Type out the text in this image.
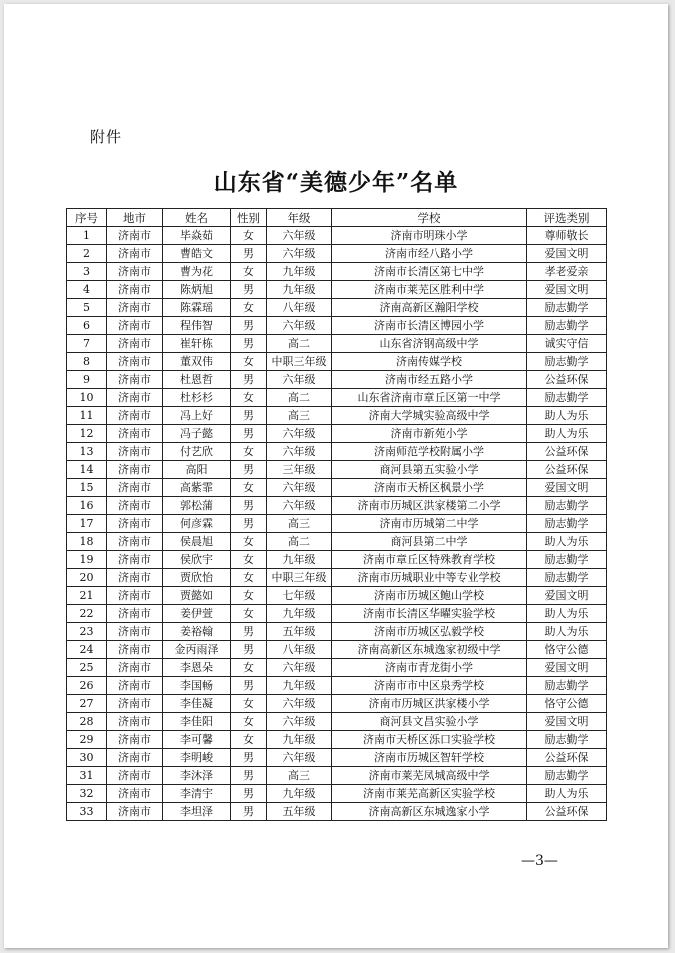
附件
山东省“美德少年”名单
序号	地市	姓名	性别	年级	学校	评选类别
1	济南市	毕焱茹	女	六年级	济南市明珠小学	尊师敬长
2	济南市	曹皓文	男	六年级	济南市经八路小学	爱国文明
3	济南市	曹为花	女	九年级	济南市长清区第七中学	孝老爱亲
4	济南市	陈炳旭	男	九年级	济南市莱芜区胜利中学	爱国文明
5	济南市	陈霖瑶	女	八年级	济南高新区瀚阳学校	励志勤学
6	济南市	程伟智	男	六年级	济南市长清区博园小学	励志勤学
7	济南市	崔轩栋	男	高二	山东省济钢高级中学	诚实守信
8	济南市	董双伟	女	中职三年级	济南传媒学校	励志勤学
9	济南市	杜恩哲	男	六年级	济南市经五路小学	公益环保
10	济南市	杜杉杉	女	高二	山东省济南市章丘区第一中学	励志勤学
11	济南市	冯上好	男	高三	济南大学城实验高级中学	助人为乐
12	济南市	冯子懿	男	六年级	济南市新苑小学	助人为乐
13	济南市	付艺欣	女	六年级	济南师范学校附属小学	公益环保
14	济南市	高阳	男	三年级	商河县第五实验小学	公益环保
15	济南市	高紫霏	女	六年级	济南市天桥区枫景小学	爱国文明
16	济南市	郭松蒲	男	六年级	济南市历城区洪家楼第二小学	励志勤学
17	济南市	何彦霖	男	高三	济南市历城第二中学	励志勤学
18	济南市	侯晨旭	女	高二	商河县第二中学	助人为乐
19	济南市	侯欣宇	女	九年级	济南市章丘区特殊教育学校	励志勤学
20	济南市	贾欣怡	女	中职三年级	济南市历城职业中等专业学校	励志勤学
21	济南市	贾懿如	女	七年级	济南市历城区鲍山学校	爱国文明
22	济南市	姜伊萱	女	九年级	济南市长清区华曜实验学校	助人为乐
23	济南市	姜裕翰	男	五年级	济南市历城区弘毅学校	助人为乐
24	济南市	金丙雨泽	男	八年级	济南高新区东城逸家初级中学	恪守公德
25	济南市	李恩朵	女	六年级	济南市青龙街小学	爱国文明
26	济南市	李国畅	男	九年级	济南市市中区泉秀学校	励志勤学
27	济南市	李佳凝	女	六年级	济南市历城区洪家楼小学	恪守公德
28	济南市	李佳阳	女	六年级	商河县文昌实验小学	爱国文明
29	济南市	李可馨	女	九年级	济南市天桥区泺口实验学校	励志勤学
30	济南市	李明峻	男	六年级	济南市历城区智轩学校	公益环保
31	济南市	李沐泽	男	高三	济南市莱芜凤城高级中学	励志勤学
32	济南市	李清宇	男	九年级	济南市莱芜高新区实验学校	助人为乐
33	济南市	李坦泽	男	五年级	济南高新区东城逸家小学	公益环保
—3—
